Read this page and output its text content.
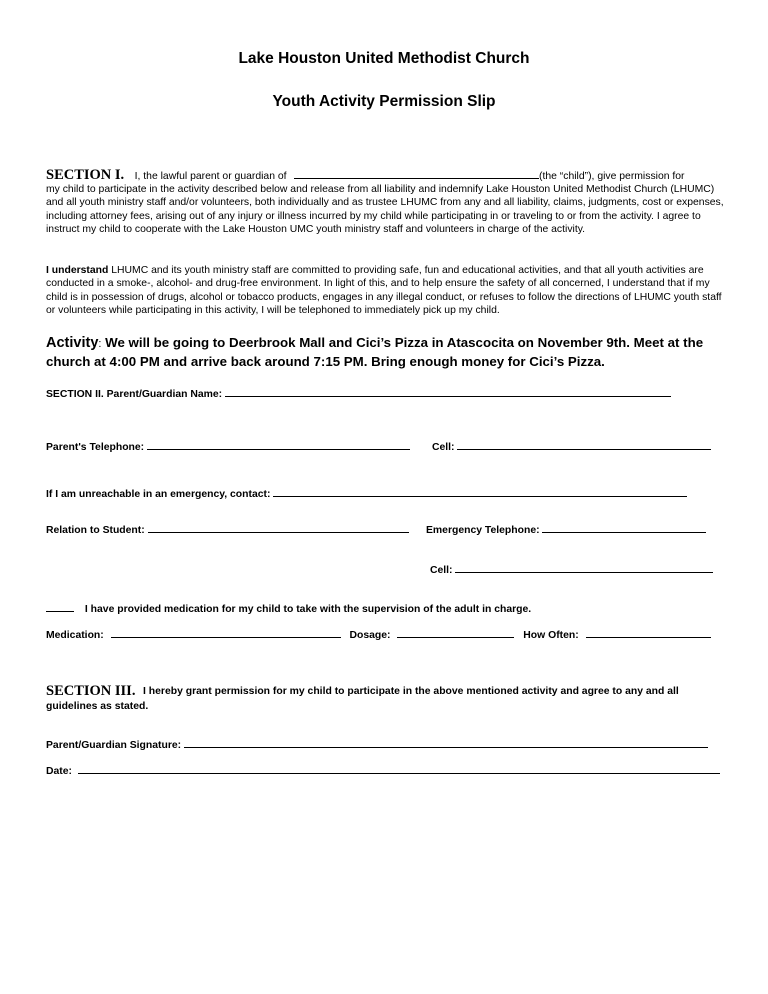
Lake Houston United Methodist Church
Youth Activity Permission Slip
SECTION I. I, the lawful parent or guardian of	(the “child”), give permission for
my child to participate in the activity described below and release from all liability and indemnify Lake Houston United Methodist Church (LHUMC) and all youth ministry staff and/or volunteers, both individually and as trustee LHUMC from any and all liability, claims, judgments, cost or expenses, including attorney fees, arising out of any injury or illness incurred by my child while participating in or traveling to or from the activity. I agree to instruct my child to cooperate with the Lake Houston UMC youth ministry staff and volunteers in charge of the activity.
I understand LHUMC and its youth ministry staff are committed to providing safe, fun and educational activities, and that all youth activities are conducted in a smoke-, alcohol- and drug-free environment. In light of this, and to help ensure the safety of all concerned, I understand that if my child is in possession of drugs, alcohol or tobacco products, engages in any illegal conduct, or refuses to follow the directions of LHUMC youth staff or volunteers while participating in this activity, I will be telephoned to immediately pick up my child.
Activity: We will be going to Deerbrook Mall and Cici’s Pizza in Atascocita on November 9th. Meet at the church at 4:00 PM and arrive back around 7:15 PM. Bring enough money for Cici’s Pizza.
SECTION II. Parent/Guardian Name:
Parent's Telephone:	Cell:
If I am unreachable in an emergency, contact:
Relation to Student:	Emergency Telephone:
Cell:
I have provided medication for my child to take with the supervision of the adult in charge.
Medication:	Dosage:	How Often:
SECTION III. I hereby grant permission for my child to participate in the above mentioned activity and agree to any and all guidelines as stated.
Parent/Guardian Signature:
Date:
